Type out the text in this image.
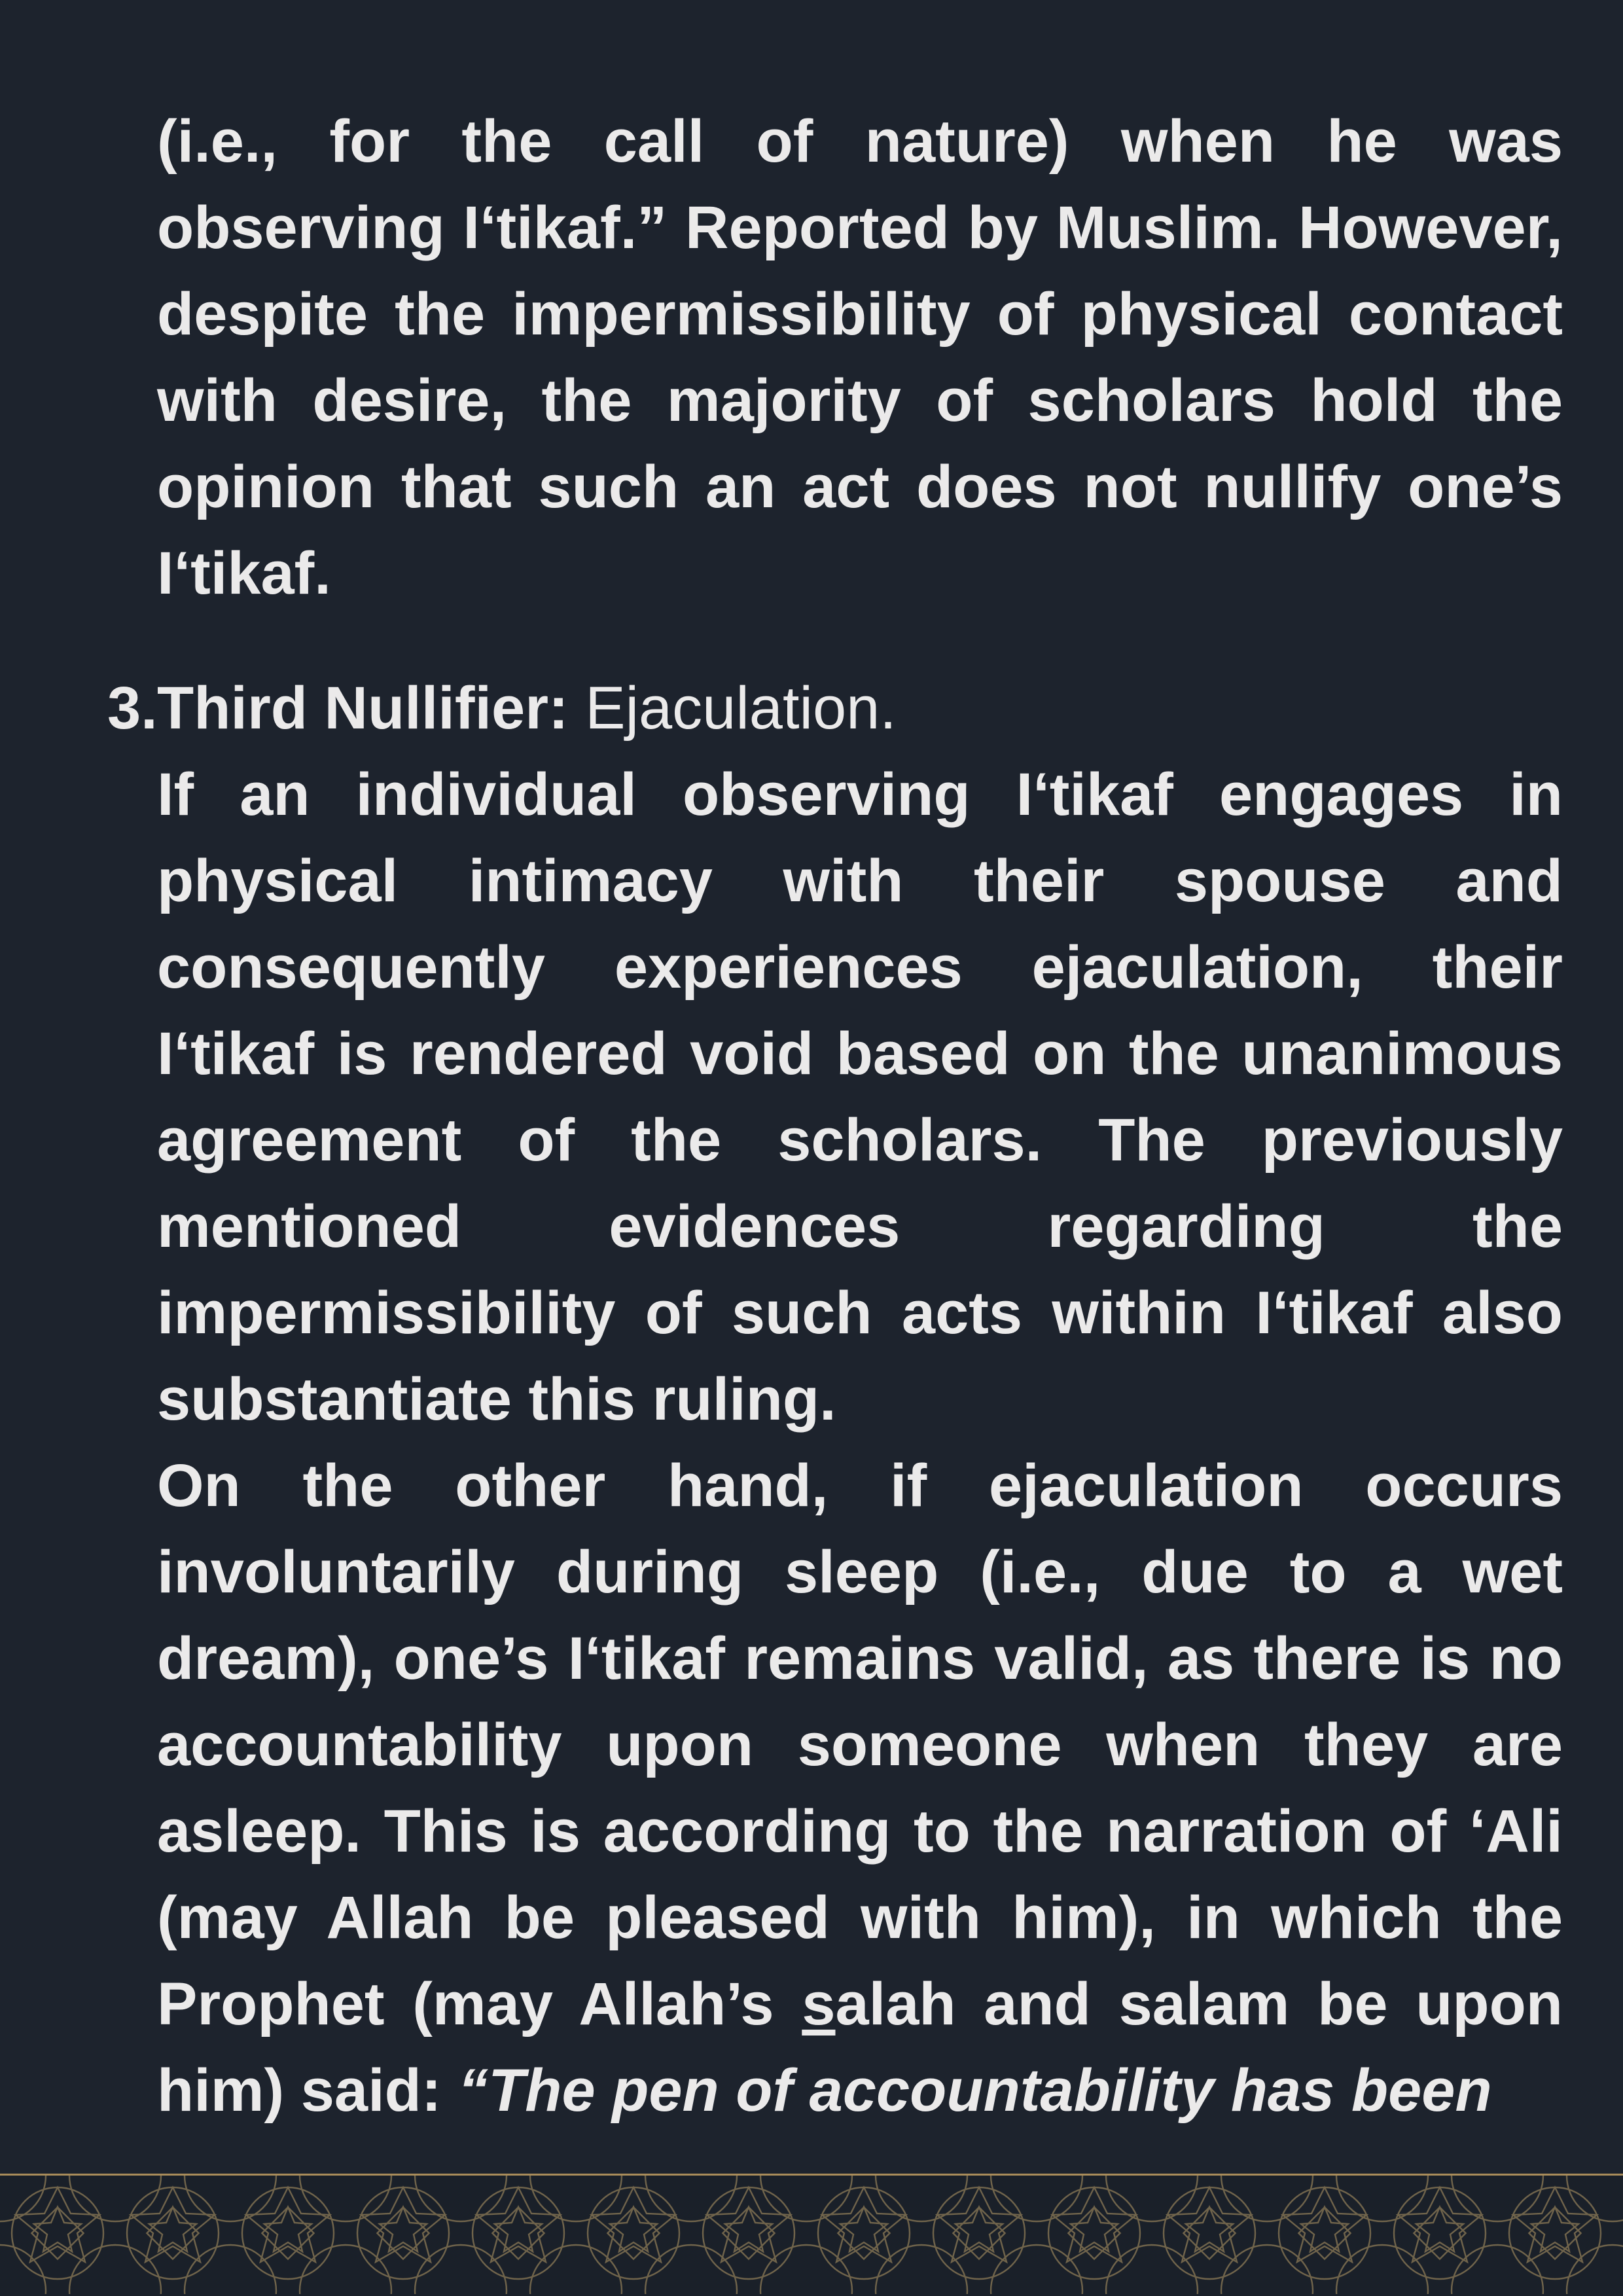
(i.e., for the call of nature) when he was observing I‘tikaf.” Reported by Muslim. However, despite the impermissibility of physical contact with desire, the majority of scholars hold the opinion that such an act does not nullify one’s I‘tikaf.

3. Third Nullifier: Ejaculation.

If an individual observing I‘tikaf engages in physical intimacy with their spouse and consequently experiences ejaculation, their I‘tikaf is rendered void based on the unanimous agreement of the scholars. The previously mentioned evidences regarding the impermissibility of such acts within I‘tikaf also substantiate this ruling.

On the other hand, if ejaculation occurs involuntarily during sleep (i.e., due to a wet dream), one’s I‘tikaf remains valid, as there is no accountability upon someone when they are asleep. This is according to the narration of ‘Ali (may Allah be pleased with him), in which the Prophet (may Allah’s salah and salam be upon him) said: “The pen of accountability has been
